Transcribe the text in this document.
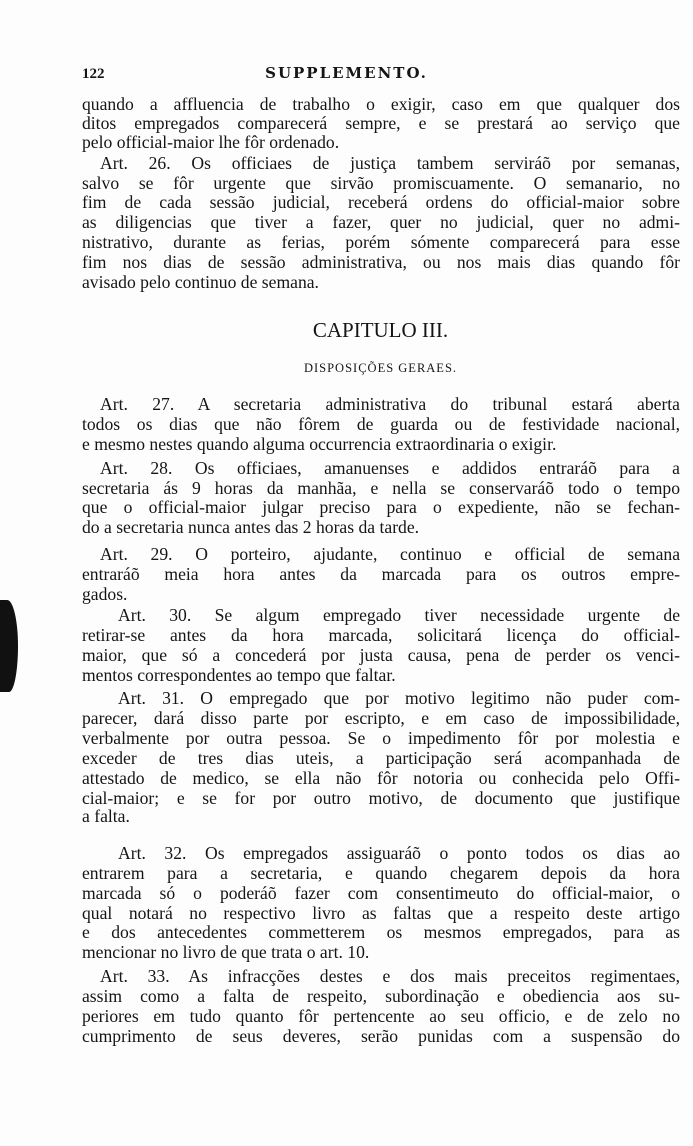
122	SUPPLEMENTO.
CAPITULO III.
DISPOSIÇÕES GERAES.
quando a affluencia de trabalho o exigir, caso em que qualquer dos
ditos empregados comparecerá sempre, e se prestará ao serviço que
pelo official-maior lhe fôr ordenado.
Art. 26. Os officiaes de justiça tambem serviráõ por semanas,
salvo se fôr urgente que sirvão promiscuamente. O semanario, no
fim de cada sessão judicial, receberá ordens do official-maior sobre
as diligencias que tiver a fazer, quer no judicial, quer no admi-
nistrativo, durante as ferias, porém sómente comparecerá para esse
fim nos dias de sessão administrativa, ou nos mais dias quando fôr
avisado pelo continuo de semana.
Art. 27. A secretaria administrativa do tribunal estará aberta
todos os dias que não fôrem de guarda ou de festividade nacional,
e mesmo nestes quando alguma occurrencia extraordinaria o exigir.
Art. 28. Os officiaes, amanuenses e addidos entraráõ para a
secretaria ás 9 horas da manhãa, e nella se conservaráõ todo o tempo
que o official-maior julgar preciso para o expediente, não se fechan-
do a secretaria nunca antes das 2 horas da tarde.
Art. 29. O porteiro, ajudante, continuo e official de semana
entraráõ meia hora antes da marcada para os outros empre-
gados.
Art. 30. Se algum empregado tiver necessidade urgente de
retirar-se antes da hora marcada, solicitará licença do official-
maior, que só a concederá por justa causa, pena de perder os venci-
mentos correspondentes ao tempo que faltar.
Art. 31. O empregado que por motivo legitimo não puder com-
parecer, dará disso parte por escripto, e em caso de impossibilidade,
verbalmente por outra pessoa. Se o impedimento fôr por molestia e
exceder de tres dias uteis, a participação será acompanhada de
attestado de medico, se ella não fôr notoria ou conhecida pelo Offi-
cial-maior; e se for por outro motivo, de documento que justifique
a falta.
Art. 32. Os empregados assiguaráõ o ponto todos os dias ao
entrarem para a secretaria, e quando chegarem depois da hora
marcada só o poderáõ fazer com consentimeuto do official-maior, o
qual notará no respectivo livro as faltas que a respeito deste artigo
e dos antecedentes commetterem os mesmos empregados, para as
mencionar no livro de que trata o art. 10.
Art. 33. As infracções destes e dos mais preceitos regimentaes,
assim como a falta de respeito, subordinação e obediencia aos su-
periores em tudo quanto fôr pertencente ao seu officio, e de zelo no
cumprimento de seus deveres, serão punidas com a suspensão do
